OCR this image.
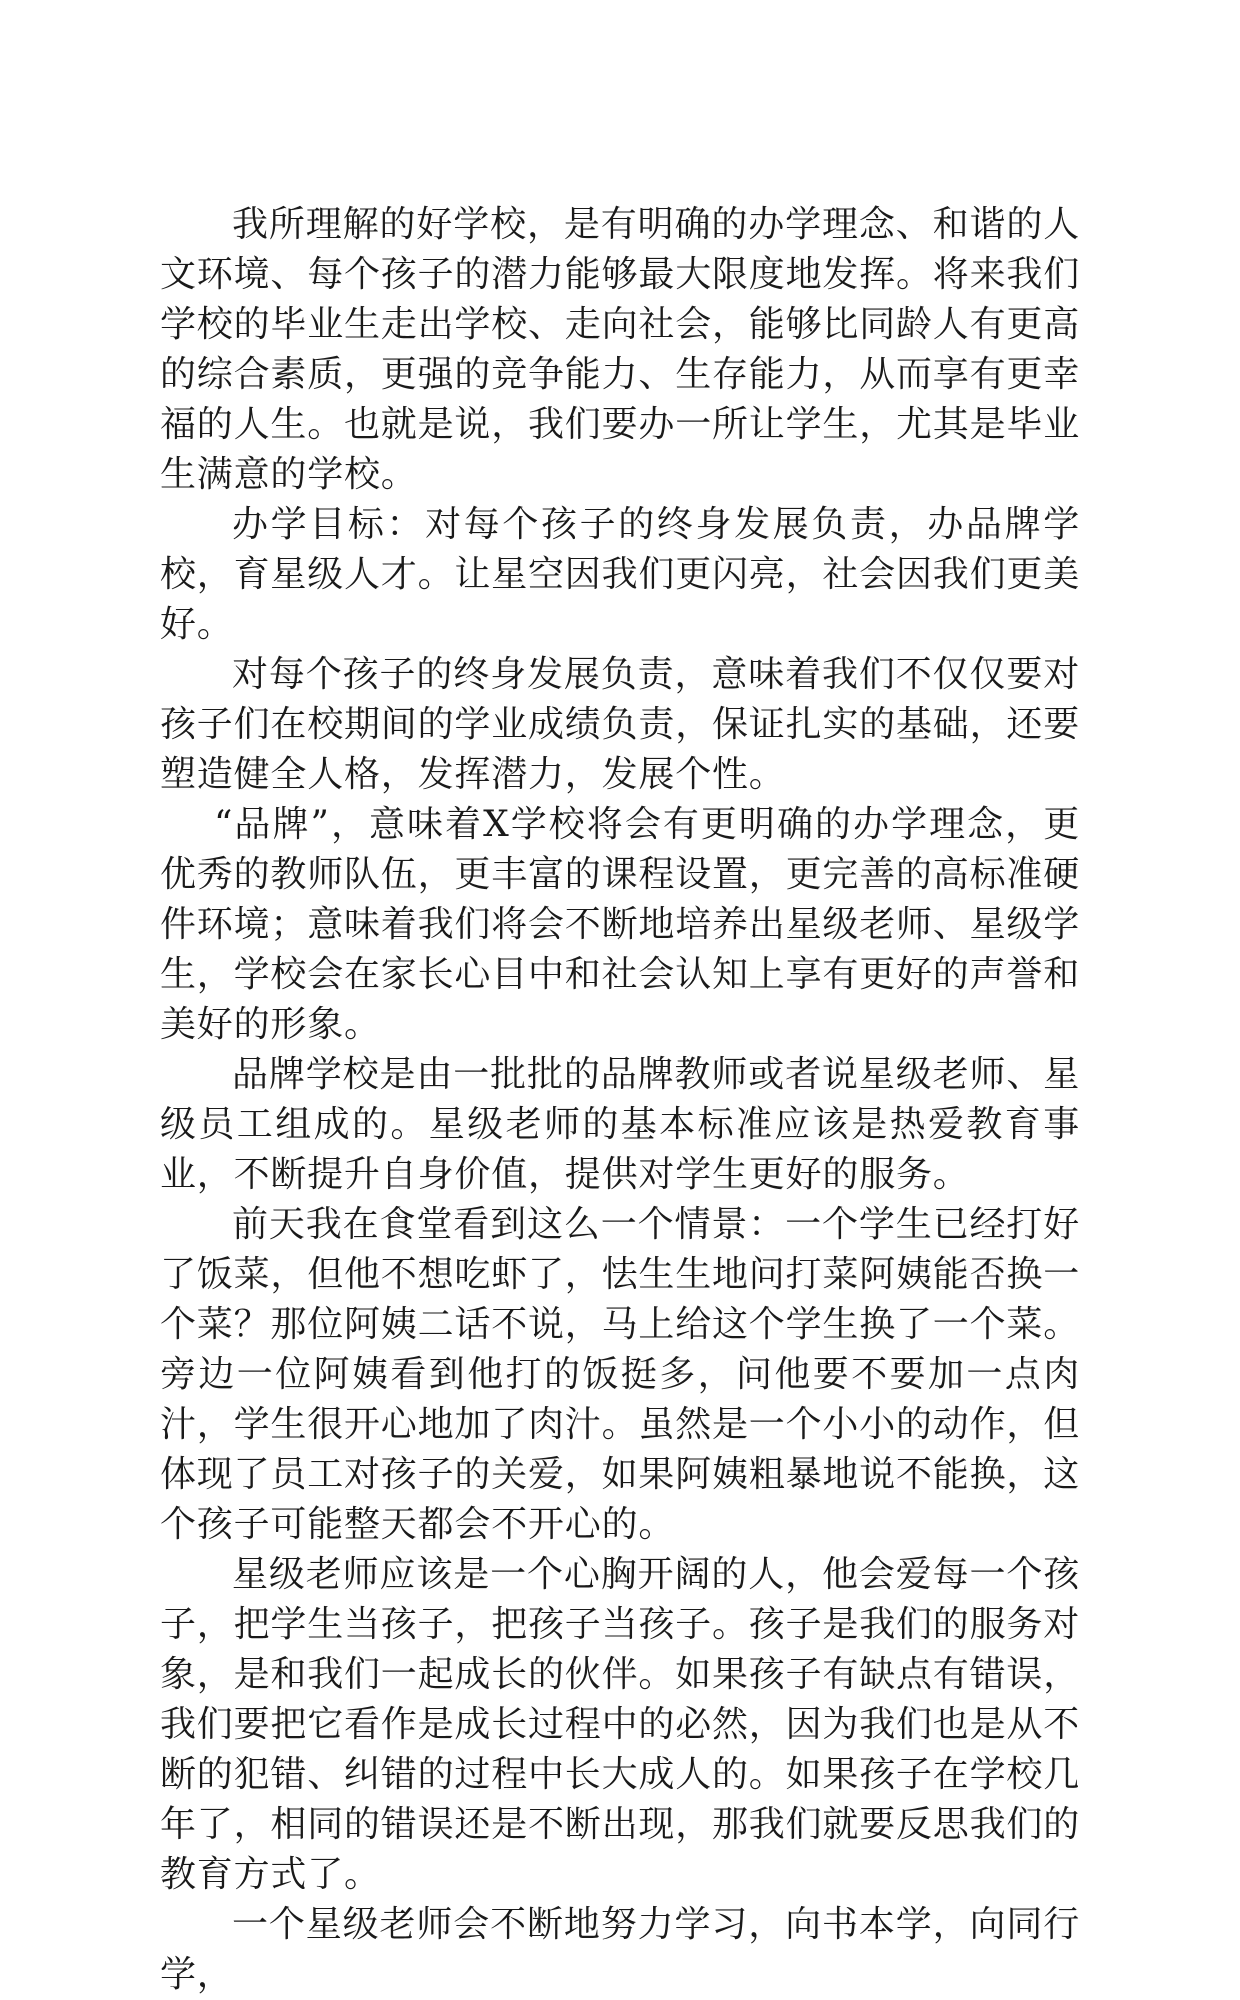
我所理解的好学校，是有明确的办学理念、和谐的人文环境、每个孩子的潜力能够最大限度地发挥。将来我们学校的毕业生走出学校、走向社会，能够比同龄人有更高的综合素质，更强的竞争能力、生存能力，从而享有更幸福的人生。也就是说，我们要办一所让学生，尤其是毕业生满意的学校。

办学目标：对每个孩子的终身发展负责，办品牌学校，育星级人才。让星空因我们更闪亮，社会因我们更美好。

对每个孩子的终身发展负责，意味着我们不仅仅要对孩子们在校期间的学业成绩负责，保证扎实的基础，还要塑造健全人格，发挥潜力，发展个性。

“品牌”，意味着X学校将会有更明确的办学理念，更优秀的教师队伍，更丰富的课程设置，更完善的高标准硬件环境；意味着我们将会不断地培养出星级老师、星级学生，学校会在家长心目中和社会认知上享有更好的声誉和美好的形象。

品牌学校是由一批批的品牌教师或者说星级老师、星级员工组成的。星级老师的基本标准应该是热爱教育事业，不断提升自身价值，提供对学生更好的服务。

前天我在食堂看到这么一个情景：一个学生已经打好了饭菜，但他不想吃虾了，怯生生地问打菜阿姨能否换一个菜？那位阿姨二话不说，马上给这个学生换了一个菜。旁边一位阿姨看到他打的饭挺多，问他要不要加一点肉汁，学生很开心地加了肉汁。虽然是一个小小的动作，但体现了员工对孩子的关爱，如果阿姨粗暴地说不能换，这个孩子可能整天都会不开心的。

星级老师应该是一个心胸开阔的人，他会爱每一个孩子，把学生当孩子，把孩子当孩子。孩子是我们的服务对象，是和我们一起成长的伙伴。如果孩子有缺点有错误，我们要把它看作是成长过程中的必然，因为我们也是从不断的犯错、纠错的过程中长大成人的。如果孩子在学校几年了，相同的错误还是不断出现，那我们就要反思我们的教育方式了。

一个星级老师会不断地努力学习，向书本学，向同行学，
